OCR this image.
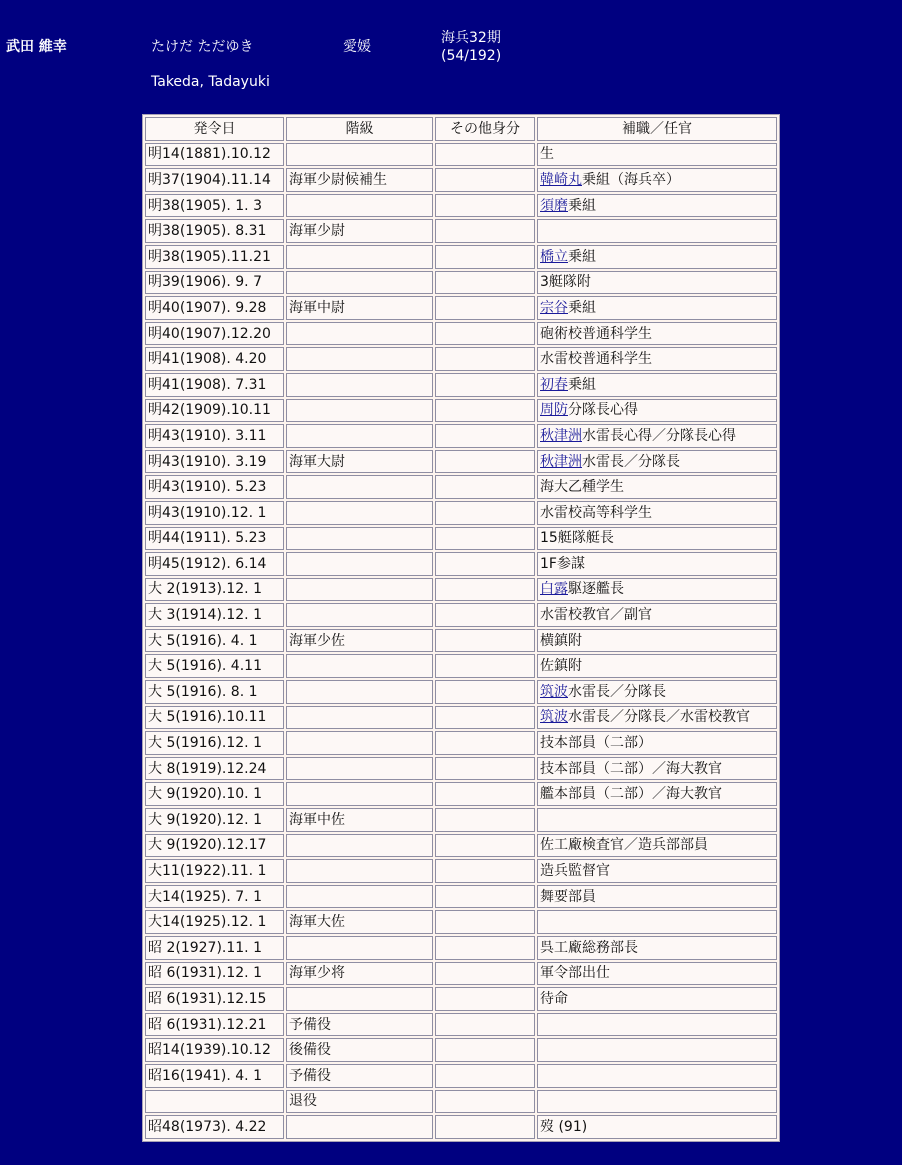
武田 維幸	たけだ ただゆき
Takeda, Tadayuki
愛媛
海兵32期
(54/192)
発令日	階級	その他身分	補職／任官
明14(1881).10.12			生
明37(1904).11.14	海軍少尉候補生		韓崎丸乗組（海兵卒）
明38(1905). 1. 3			須磨乗組
明38(1905). 8.31	海軍少尉		
明38(1905).11.21			橋立乗組
明39(1906). 9. 7			3艇隊附
明40(1907). 9.28	海軍中尉		宗谷乗組
明40(1907).12.20			砲術校普通科学生
明41(1908). 4.20			水雷校普通科学生
明41(1908). 7.31			初春乗組
明42(1909).10.11			周防分隊長心得
明43(1910). 3.11			秋津洲水雷長心得／分隊長心得
明43(1910). 3.19	海軍大尉		秋津洲水雷長／分隊長
明43(1910). 5.23			海大乙種学生
明43(1910).12. 1			水雷校高等科学生
明44(1911). 5.23			15艇隊艇長
明45(1912). 6.14			1F参謀
大 2(1913).12. 1			白露駆逐艦長
大 3(1914).12. 1			水雷校教官／副官
大 5(1916). 4. 1	海軍少佐		横鎮附
大 5(1916). 4.11			佐鎮附
大 5(1916). 8. 1			筑波水雷長／分隊長
大 5(1916).10.11			筑波水雷長／分隊長／水雷校教官
大 5(1916).12. 1			技本部員（二部）
大 8(1919).12.24			技本部員（二部）／海大教官
大 9(1920).10. 1			艦本部員（二部）／海大教官
大 9(1920).12. 1	海軍中佐		
大 9(1920).12.17			佐工廠検査官／造兵部部員
大11(1922).11. 1			造兵監督官
大14(1925). 7. 1			舞要部員
大14(1925).12. 1	海軍大佐		
昭 2(1927).11. 1			呉工廠総務部長
昭 6(1931).12. 1	海軍少将		軍令部出仕
昭 6(1931).12.15			待命
昭 6(1931).12.21	予備役		
昭14(1939).10.12	後備役		
昭16(1941). 4. 1	予備役		
	退役		
昭48(1973). 4.22			歿 (91)
